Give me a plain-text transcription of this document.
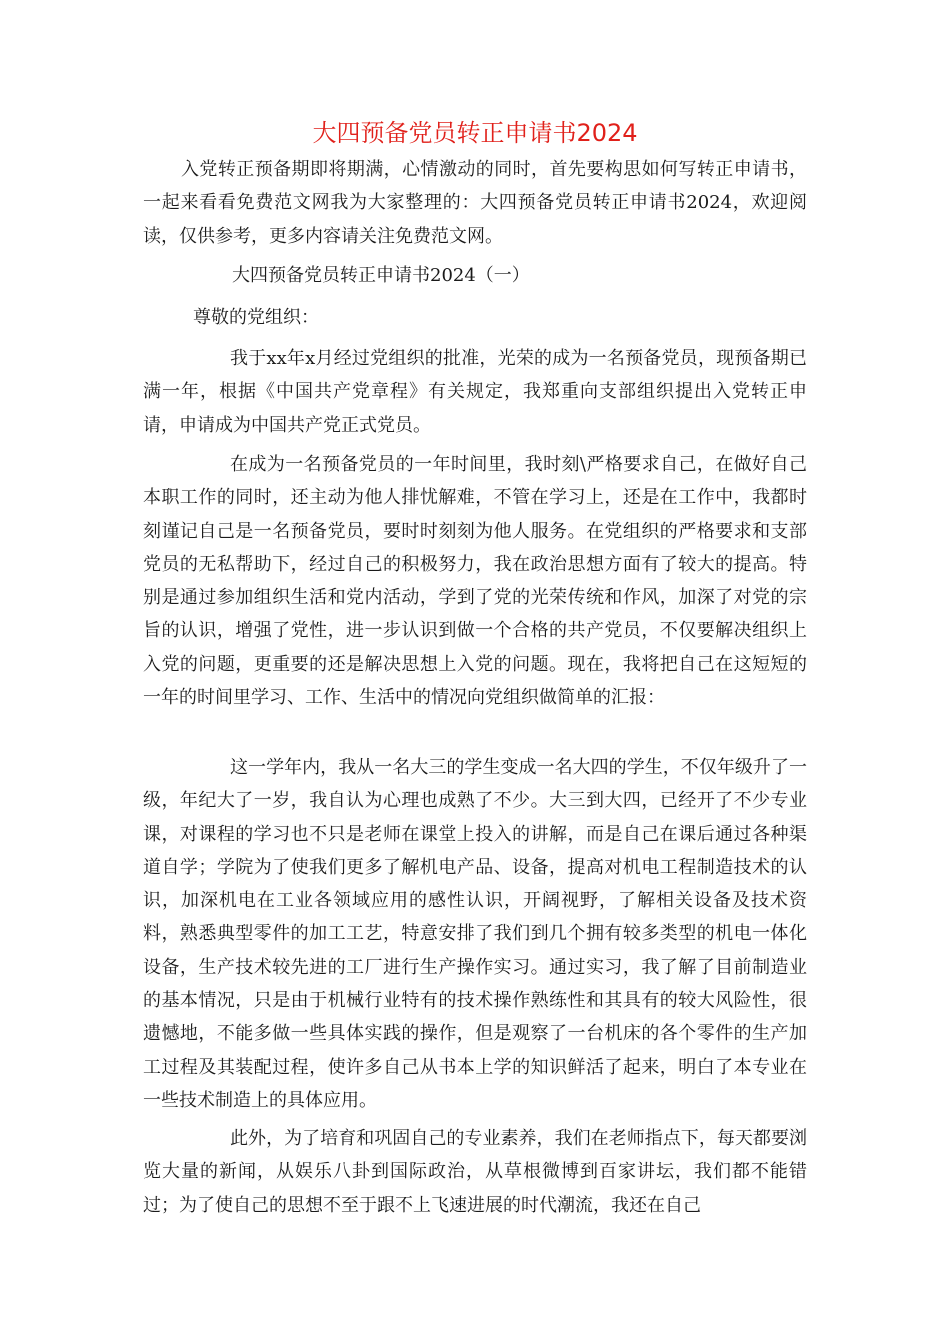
大四预备党员转正申请书2024

入党转正预备期即将期满，心情激动的同时，首先要构思如何写转正申请书，一起来看看免费范文网我为大家整理的：大四预备党员转正申请书2024，欢迎阅读，仅供参考，更多内容请关注免费范文网。

大四预备党员转正申请书2024（一）

尊敬的党组织：

我于xx年x月经过党组织的批准，光荣的成为一名预备党员，现预备期已满一年，根据《中国共产党章程》有关规定，我郑重向支部组织提出入党转正申请，申请成为中国共产党正式党员。

在成为一名预备党员的一年时间里，我时刻\严格要求自己，在做好自己本职工作的同时，还主动为他人排忧解难，不管在学习上，还是在工作中，我都时刻谨记自己是一名预备党员，要时时刻刻为他人服务。在党组织的严格要求和支部党员的无私帮助下，经过自己的积极努力，我在政治思想方面有了较大的提高。特别是通过参加组织生活和党内活动，学到了党的光荣传统和作风，加深了对党的宗旨的认识，增强了党性，进一步认识到做一个合格的共产党员，不仅要解决组织上入党的问题，更重要的还是解决思想上入党的问题。现在，我将把自己在这短短的一年的时间里学习、工作、生活中的情况向党组织做简单的汇报：

这一学年内，我从一名大三的学生变成一名大四的学生，不仅年级升了一级，年纪大了一岁，我自认为心理也成熟了不少。大三到大四，已经开了不少专业课，对课程的学习也不只是老师在课堂上投入的讲解，而是自己在课后通过各种渠道自学；学院为了使我们更多了解机电产品、设备，提高对机电工程制造技术的认识，加深机电在工业各领域应用的感性认识，开阔视野，了解相关设备及技术资料，熟悉典型零件的加工工艺，特意安排了我们到几个拥有较多类型的机电一体化设备，生产技术较先进的工厂进行生产操作实习。通过实习，我了解了目前制造业的基本情况，只是由于机械行业特有的技术操作熟练性和其具有的较大风险性，很遗憾地，不能多做一些具体实践的操作，但是观察了一台机床的各个零件的生产加工过程及其装配过程，使许多自己从书本上学的知识鲜活了起来，明白了本专业在一些技术制造上的具体应用。

此外，为了培育和巩固自己的专业素养，我们在老师指点下，每天都要浏览大量的新闻，从娱乐八卦到国际政治，从草根微博到百家讲坛，我们都不能错过；为了使自己的思想不至于跟不上飞速进展的时代潮流，我还在自己
